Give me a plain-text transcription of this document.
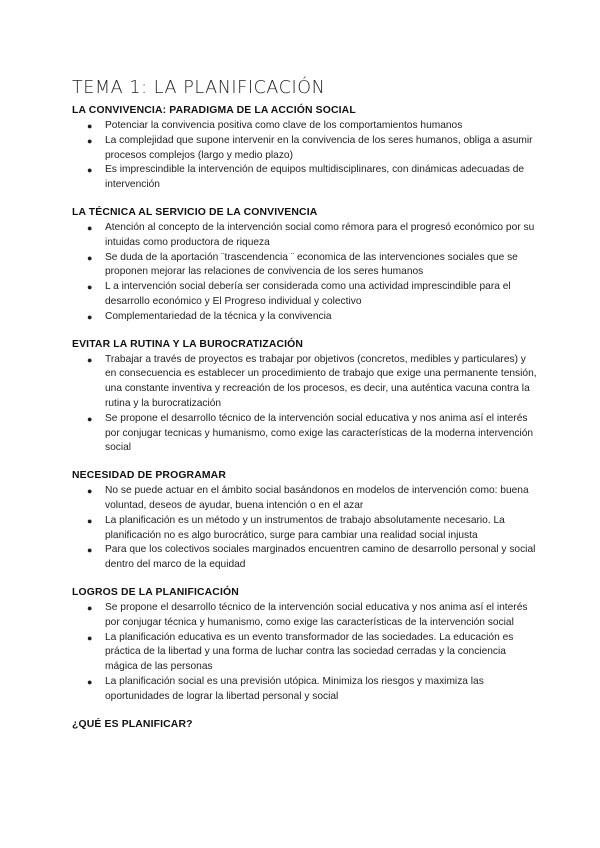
TEMA 1: LA PLANIFICACIÓN
LA CONVIVENCIA: PARADIGMA DE LA ACCIÓN SOCIAL
● Potenciar la convivencia positiva como clave de los comportamientos humanos
● La complejidad que supone intervenir en la convivencia de los seres humanos, obliga a asumir procesos complejos (largo y medio plazo)
● Es imprescindible la intervención de equipos multidisciplinares, con dinámicas adecuadas de intervención
LA TÉCNICA AL SERVICIO DE LA CONVIVENCIA
● Atención al concepto de la intervención social como rémora para el progresó económico por su intuidas como productora de riqueza
● Se duda de la aportación ¨trascendencia ¨ economica de las intervenciones sociales que se proponen mejorar las relaciones de convivencia de los seres humanos
● L a intervención social debería ser considerada como una actividad imprescindible para el desarrollo económico y El Progreso individual y colectivo
● Complementariedad de la técnica y la convivencia
EVITAR LA RUTINA Y LA BUROCRATIZACIÓN
● Trabajar a través de proyectos es trabajar por objetivos (concretos, medibles y particulares) y en consecuencia es establecer un procedimiento de trabajo que exige una permanente tensión, una constante inventiva y recreación de los procesos, es decir, una auténtica vacuna contra la rutina y la burocratización
● Se propone el desarrollo técnico de la intervención social educativa y nos anima así el interés por conjugar tecnicas y humanismo, como exige las características de la moderna intervención social
NECESIDAD DE PROGRAMAR
● No se puede actuar en el ámbito social basándonos en modelos de intervención como: buena voluntad, deseos de ayudar, buena intención o en el azar
● La planificación es un método y un instrumentos de trabajo absolutamente necesario. La planificación no es algo burocrático, surge para cambiar una realidad social injusta
● Para que los colectivos sociales marginados encuentren camino de desarrollo personal y social dentro del marco de la equidad
LOGROS DE LA PLANIFICACIÓN
● Se propone el desarrollo técnico de la intervención social educativa y nos anima así el interés por conjugar técnica y humanismo, como exige las características de la intervención social
● La planificación educativa es un evento transformador de las sociedades. La educación es práctica de la libertad y una forma de luchar contra las sociedad cerradas y la conciencia mágica de las personas
● La planificación social es una previsión utópica. Minimiza los riesgos y maximiza las oportunidades de lograr la libertad personal y social
¿QUÉ ES PLANIFICAR?
